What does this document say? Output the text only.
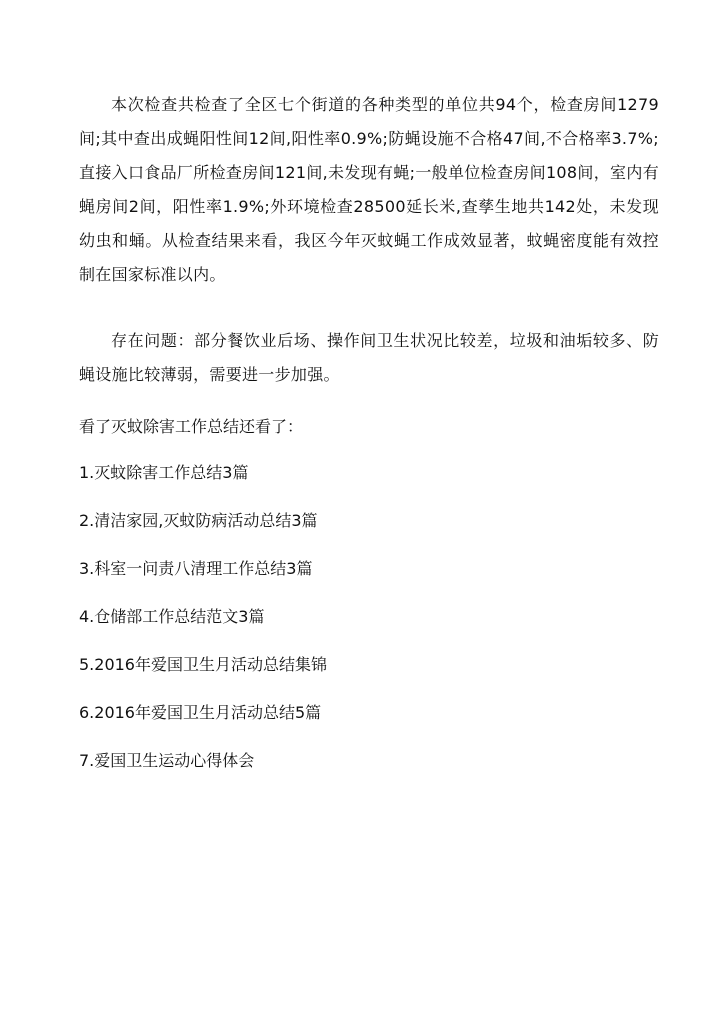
本次检查共检查了全区七个街道的各种类型的单位共94个，检查房间1279间;其中查出成蝇阳性间12间,阳性率0.9%;防蝇设施不合格47间,不合格率3.7%;直接入口食品厂所检查房间121间,未发现有蝇;一般单位检查房间108间，室内有蝇房间2间，阳性率1.9%;外环境检查28500延长米,查孳生地共142处，未发现幼虫和蛹。从检查结果来看，我区今年灭蚊蝇工作成效显著，蚊蝇密度能有效控制在国家标准以内。

存在问题：部分餐饮业后场、操作间卫生状况比较差，垃圾和油垢较多、防蝇设施比较薄弱，需要进一步加强。

看了灭蚊除害工作总结还看了：

1.灭蚊除害工作总结3篇
2.清洁家园,灭蚊防病活动总结3篇
3.科室一问责八清理工作总结3篇
4.仓储部工作总结范文3篇
5.2016年爱国卫生月活动总结集锦
6.2016年爱国卫生月活动总结5篇
7.爱国卫生运动心得体会
